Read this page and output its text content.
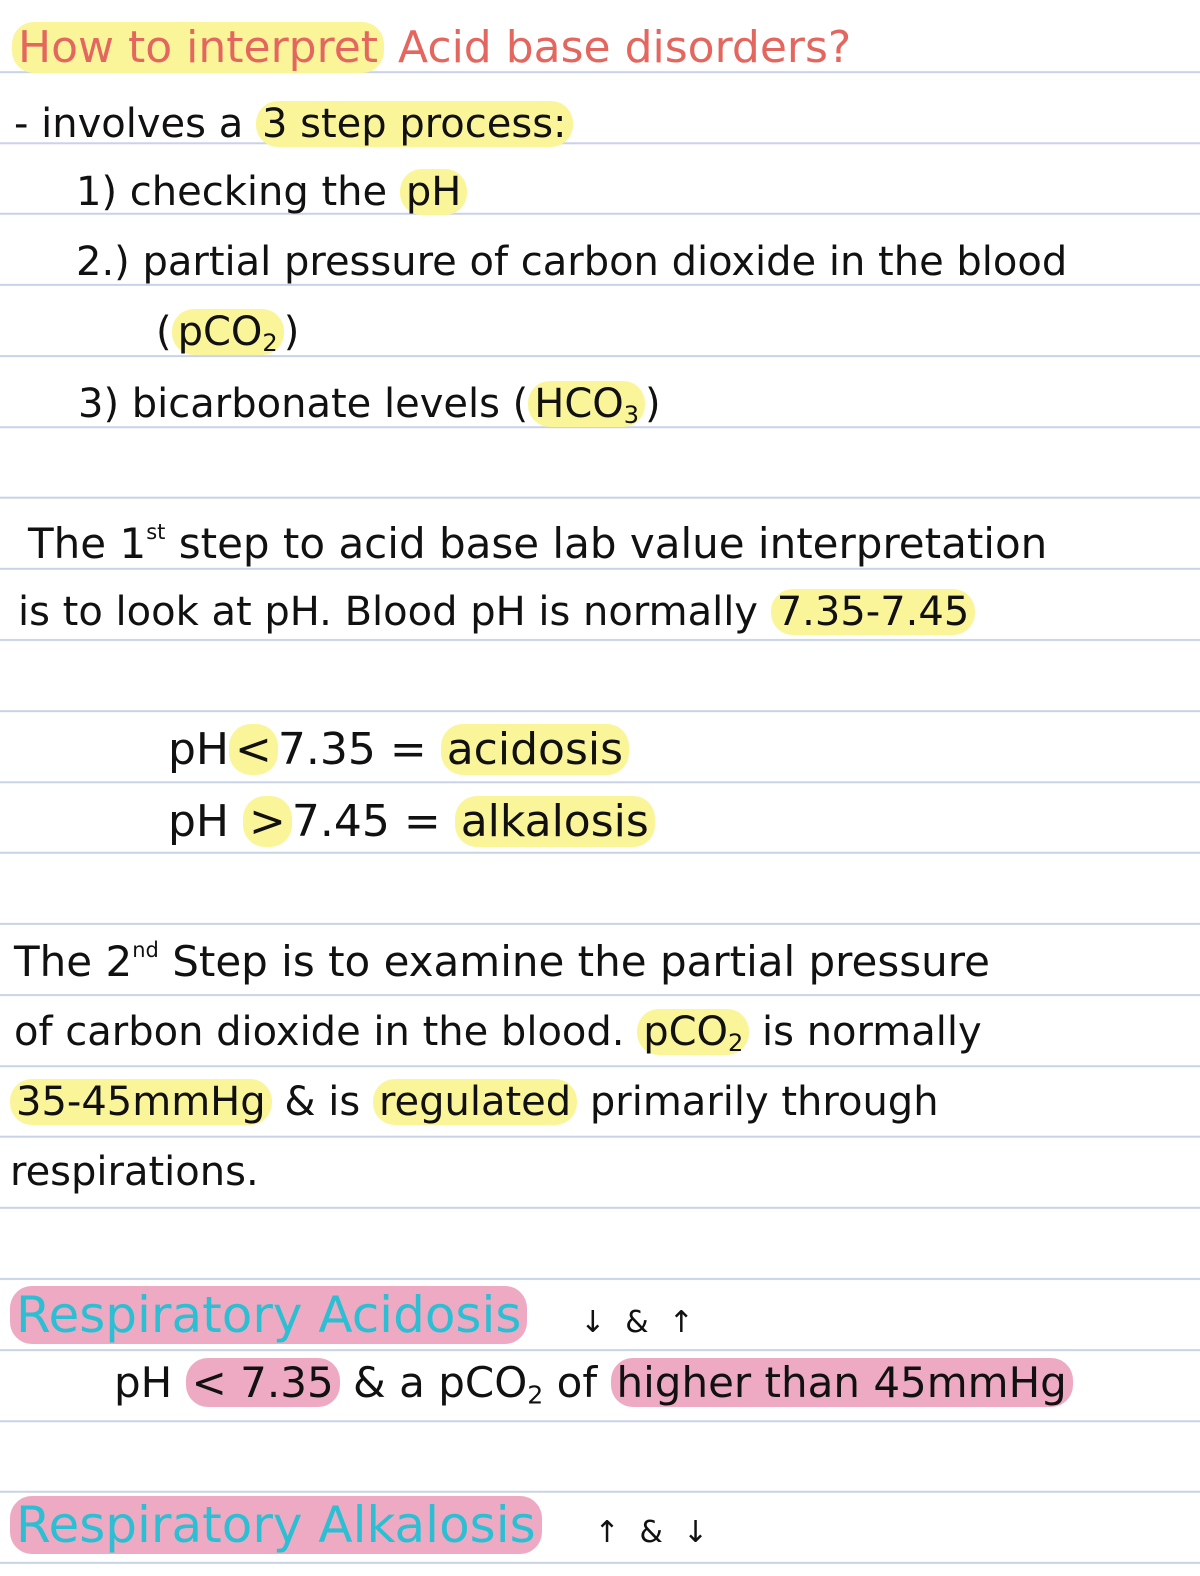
How to interpret Acid base disorders?
- involves a 3 step process:
1) checking the pH
2.) partial pressure of carbon dioxide in the blood
( pCO$_2$ )
3) bicarbonate levels ( $HCO_3$ )
The 1st step to acid base lab value interpretation
is to look at pH. Blood pH is normally 7.35-7.45
pH < 7.35 = acidosis
pH > 7.45 = alkalosis
The 2nd Step is to examine the partial pressure
of carbon dioxide in the blood. pCO$_2$ is normally
35-45mmHg & is regulated primarily through
respirations.
Respiratory Acidosis ↓&↑
pH < 7.35 & a pCO$_2$ of higher than 45mmHg
Respiratory Alkalosis ↑&↓
